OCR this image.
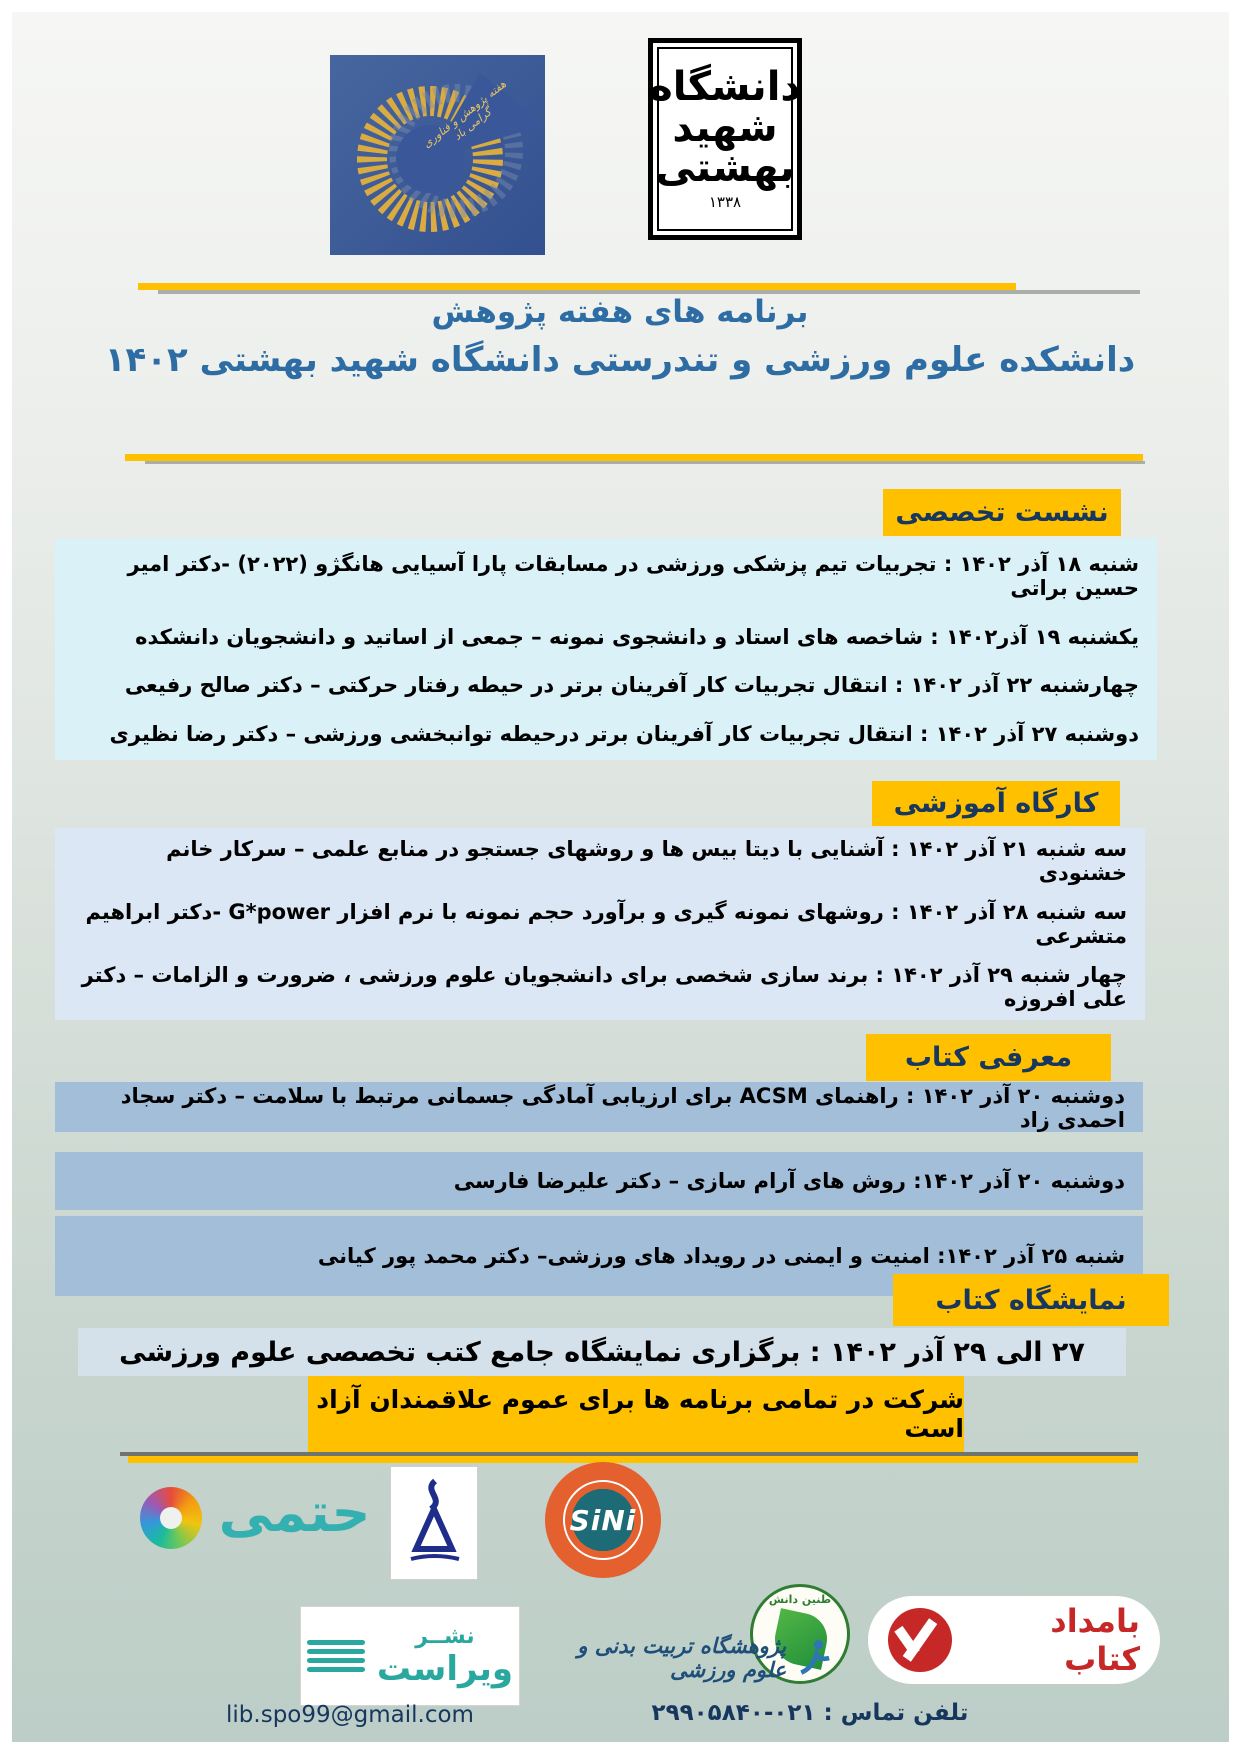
هفته پژوهش و فناوری گرامی باد
دانشگاه
شهید
بهشتی
۱۳۳۸
برنامه های هفته پژوهش
دانشکده علوم ورزشی و تندرستی دانشگاه شهید بهشتی ۱۴۰۲
نشست تخصصی
شنبه ۱۸ آذر ۱۴۰۲ : تجربیات تیم پزشکی ورزشی در مسابقات پارا آسیایی هانگژو (۲۰۲۲) -دکتر امیر حسین براتی
یکشنبه ۱۹ آذر۱۴۰۲ : شاخصه های استاد و دانشجوی نمونه – جمعی از اساتید و دانشجویان دانشکده
چهارشنبه ۲۲ آذر ۱۴۰۲ : انتقال تجربیات کار آفرینان برتر در حیطه رفتار حرکتی – دکتر صالح رفیعی
دوشنبه ۲۷ آذر ۱۴۰۲ : انتقال تجربیات کار آفرینان برتر درحیطه توانبخشی ورزشی – دکتر رضا نظیری
کارگاه آموزشی
سه شنبه ۲۱ آذر ۱۴۰۲ : آشنایی با دیتا بیس ها و روشهای جستجو در منابع علمی – سرکار خانم خشنودی
سه شنبه ۲۸ آذر ۱۴۰۲ : روشهای نمونه گیری و برآورد حجم نمونه با نرم افزار G*power -دکتر ابراهیم متشرعی
چهار شنبه ۲۹ آذر ۱۴۰۲ : برند سازی شخصی برای دانشجویان علوم ورزشی ، ضرورت و الزامات – دکتر علی افروزه
معرفی کتاب
دوشنبه ۲۰ آذر ۱۴۰۲ : راهنمای ACSM برای ارزیابی آمادگی جسمانی مرتبط با سلامت – دکتر سجاد احمدی زاد
دوشنبه ۲۰ آذر ۱۴۰۲: روش های آرام سازی – دکتر علیرضا فارسی
شنبه ۲۵ آذر ۱۴۰۲: امنیت و ایمنی در رویداد های ورزشی– دکتر محمد پور کیانی
نمایشگاه کتاب
۲۷ الی ۲۹ آذر ۱۴۰۲ : برگزاری نمایشگاه جامع کتب تخصصی علوم ورزشی
شرکت در تمامی برنامه ها برای عموم علاقمندان آزاد است
حتمی	SiNi
طنین دانش
نشــر
ویراست
پژوهشگاه تربیت بدنی و علوم ورزشی
بامداد کتاب
lib.spo99@gmail.com	تلفن تماس : ۰۲۱-۲۹۹۰۵۸۴۰
